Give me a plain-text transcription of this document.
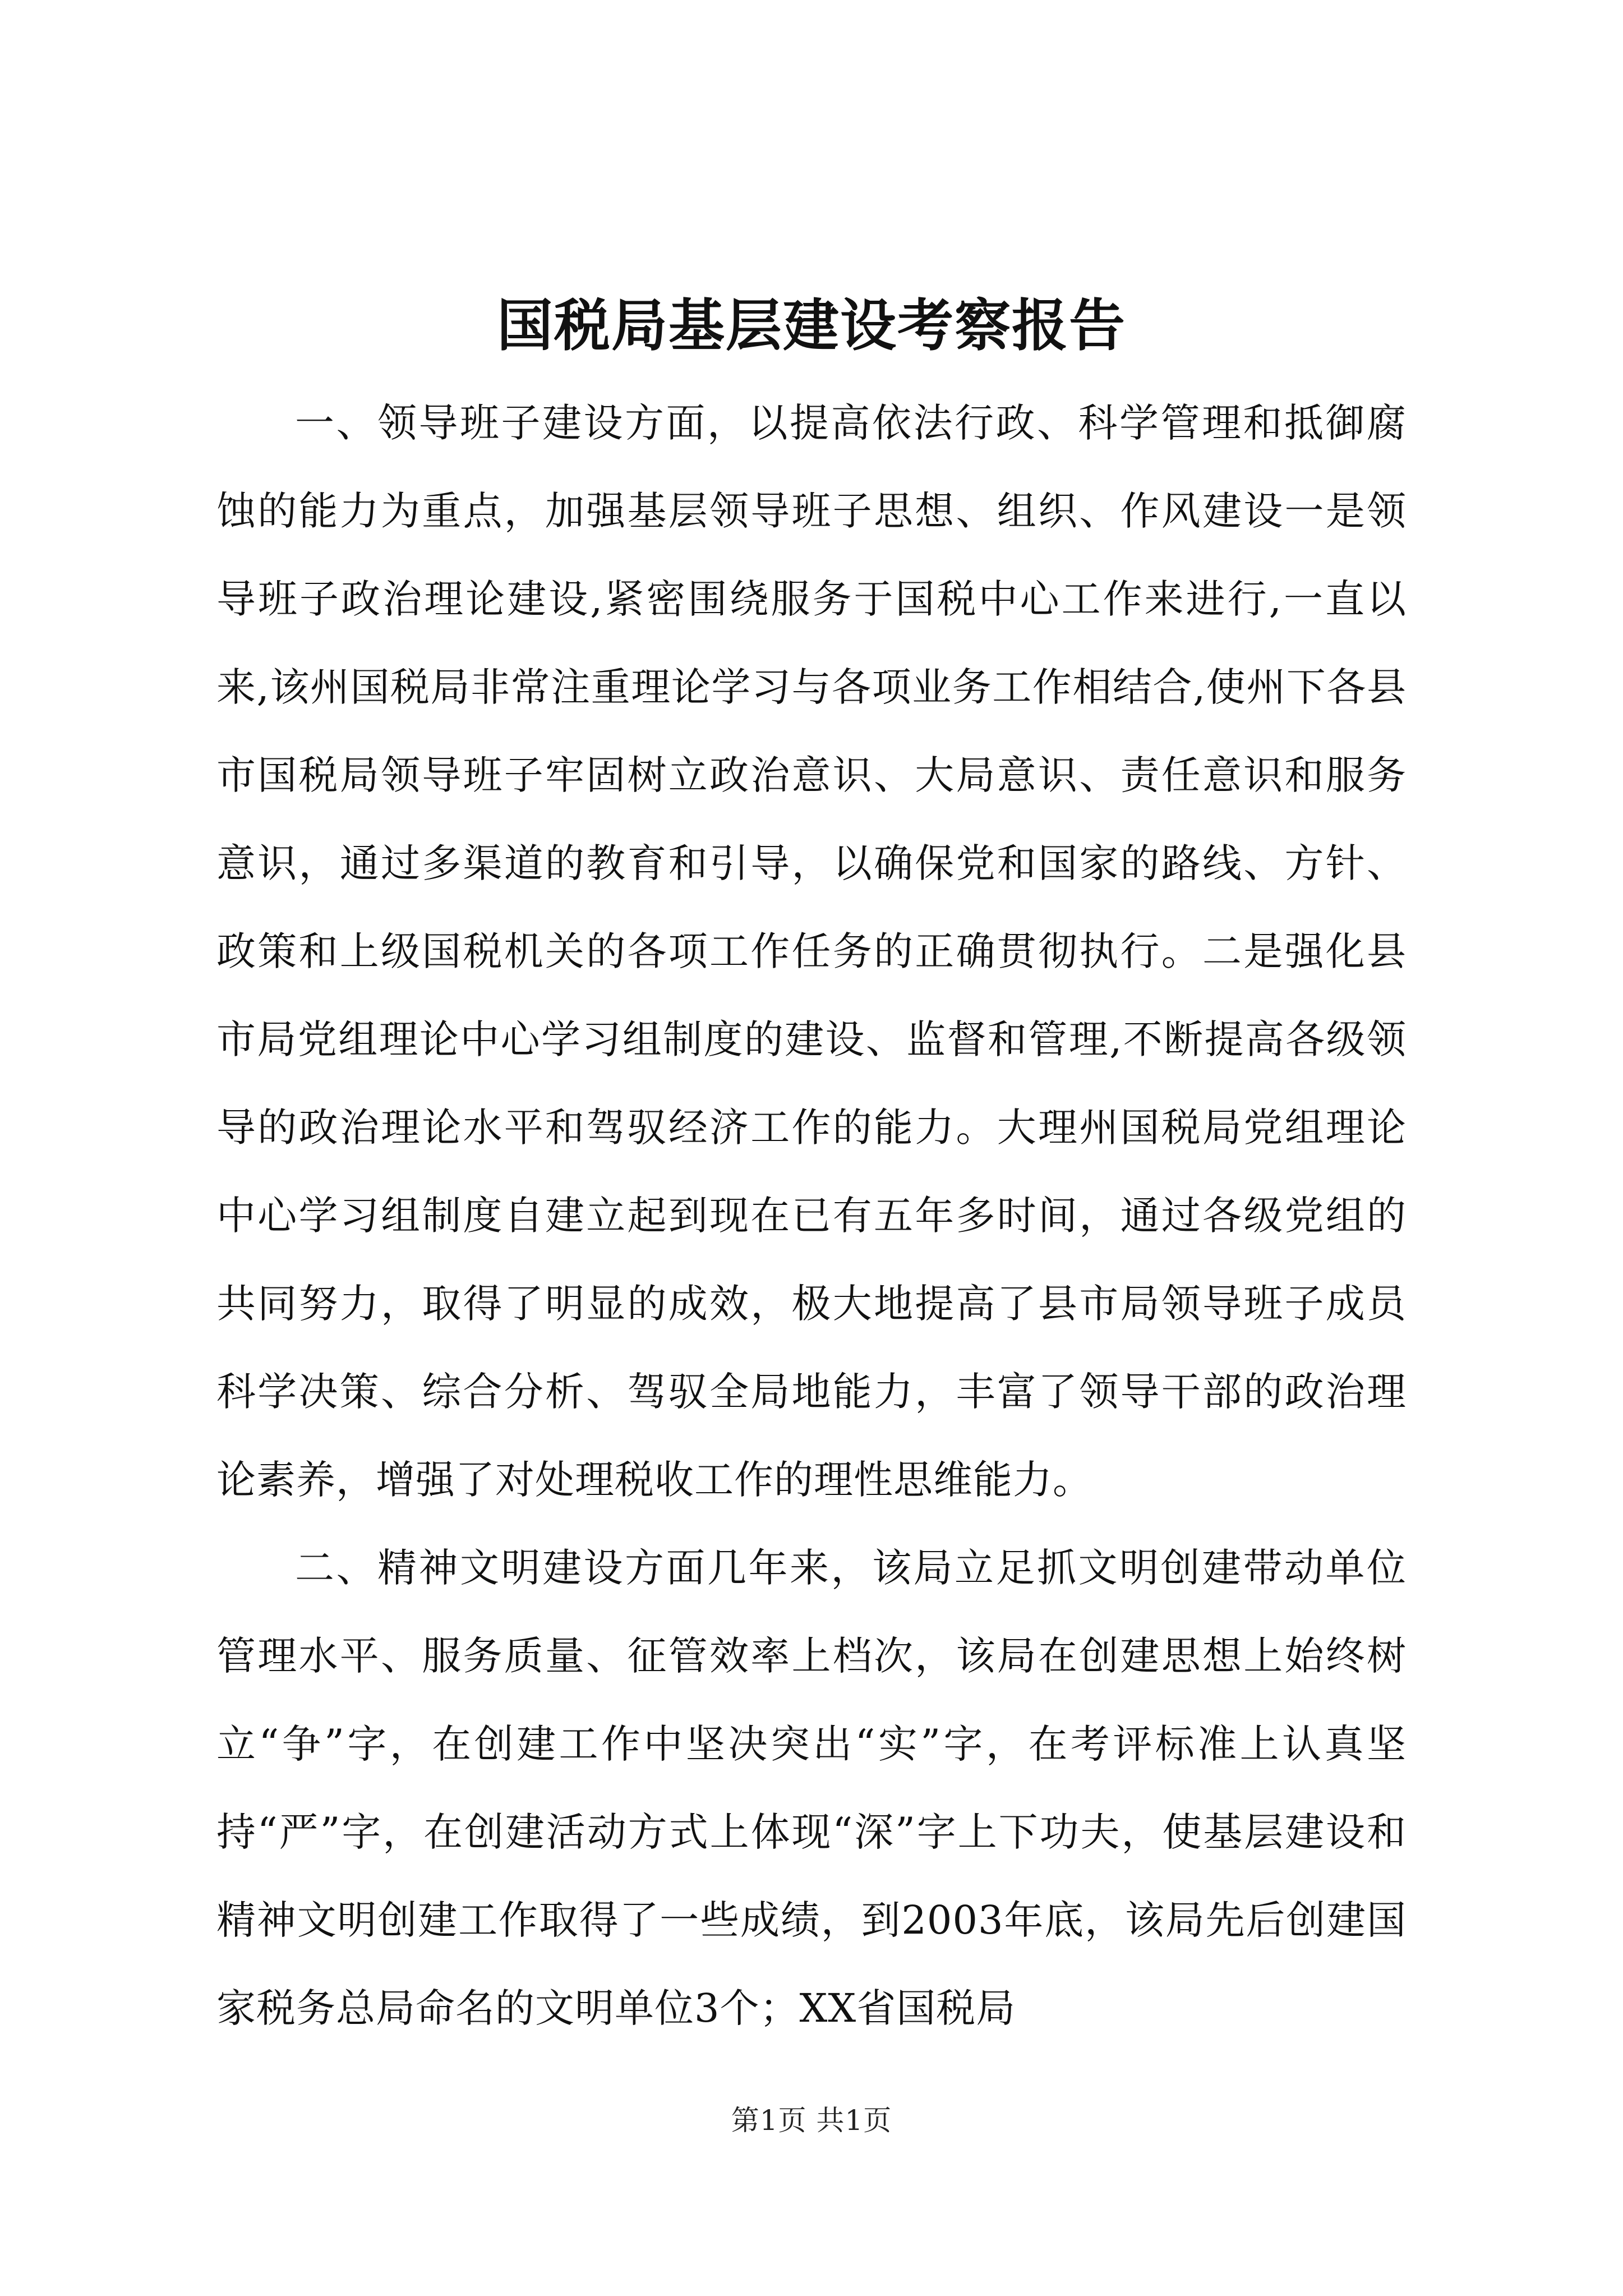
国税局基层建设考察报告

一、领导班子建设方面，以提高依法行政、科学管理和抵御腐蚀的能力为重点，加强基层领导班子思想、组织、作风建设一是领导班子政治理论建设,紧密围绕服务于国税中心工作来进行,一直以来,该州国税局非常注重理论学习与各项业务工作相结合,使州下各县市国税局领导班子牢固树立政治意识、大局意识、责任意识和服务意识，通过多渠道的教育和引导，以确保党和国家的路线、方针、政策和上级国税机关的各项工作任务的正确贯彻执行。二是强化县市局党组理论中心学习组制度的建设、监督和管理,不断提高各级领导的政治理论水平和驾驭经济工作的能力。大理州国税局党组理论中心学习组制度自建立起到现在已有五年多时间，通过各级党组的共同努力，取得了明显的成效，极大地提高了县市局领导班子成员科学决策、综合分析、驾驭全局地能力，丰富了领导干部的政治理论素养，增强了对处理税收工作的理性思维能力。

二、精神文明建设方面几年来，该局立足抓文明创建带动单位管理水平、服务质量、征管效率上档次，该局在创建思想上始终树立“争”字，在创建工作中坚决突出“实”字，在考评标准上认真坚持“严”字，在创建活动方式上体现“深”字上下功夫，使基层建设和精神文明创建工作取得了一些成绩，到2003年底，该局先后创建国家税务总局命名的文明单位3个；XX省国税局

第1页 共1页
